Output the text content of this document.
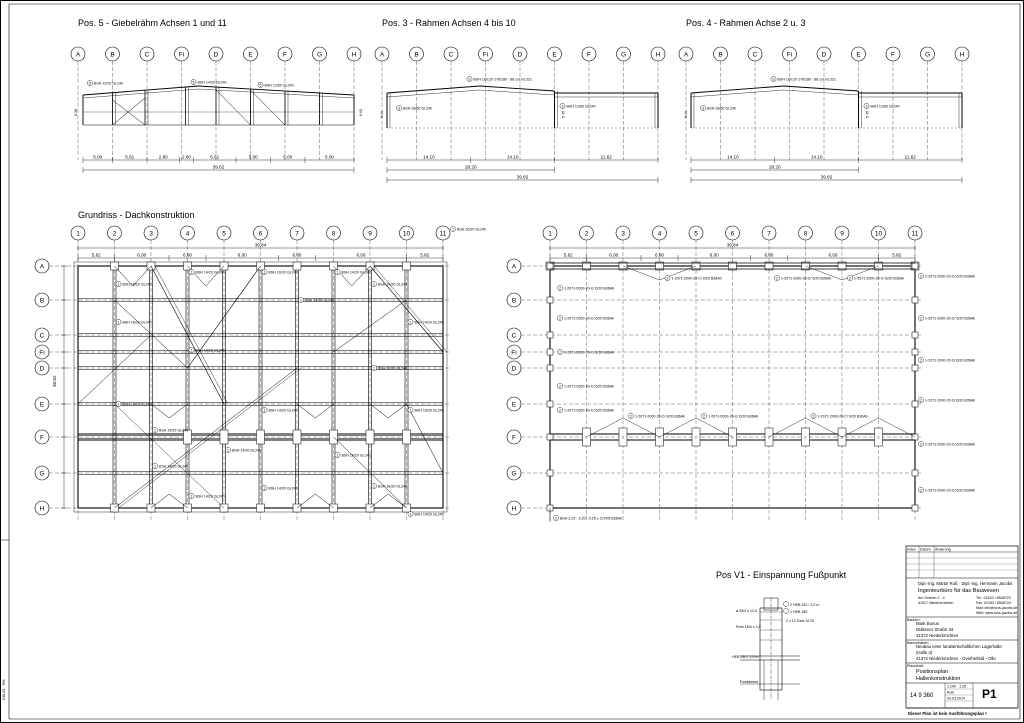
DIN A3 · 594
Pos. 5 - Giebelrähm Achsen 1 und 11	Pos. 3 - Rahmen Achsen 4 bis 10	Pos. 4 - Rahmen Achse 2 u. 3
Grundriss - Dachkonstruktion
Pos V1 - Einspannung Fußpunkt
A	B	C	Fi	D	E	F	G	H
5 BSH 12/20 GL24h	5 BSH 14/20 GL24h
5 BSH 12/60 GL24h
6.38	6.63
5.00	5.61	2.80	2.80	5.61	5.00	5.00	5.00
39.62
A	B	C	Fi	D	E	F	G	H
3 BSH 16/120-176/180 - 88 cm GL32c
3 BSH 16/60 GL24h	3 BSH 12/60 GL24h
6.41	5.45
14.10	14.10	11.62
28.20
39.82
A	B	C	Fi	D	E	F	G	H
3 BSH 16/120-176/180 - 88 cm GL32c
3 BSH 16/60 GL24h	3 BSH 12/60 GL24h
6.41	5.45
14.10	14.10	11.62
28.20
39.82
1	2	3	4	5	6	7	8	9	10	11
A
B
C
Fi
D
E
F
G
H
39.84
5.82	6.00	6.00	6.00	6.00	6.00	5.82
39.82
1 BSH 16/20 GL24h
1 BSH 14/20 GL24h	1 BSH 14/20 GL24h
1 BSH 16/20 GL24h	1 BSH 14/20 GL24h
1 BSH 14/20 GL24h
1 BSH 16/20 GL24h	1 BSH 14/20 GL24h
1 BSH 14/20 GL24h
1 BSH 16/20 GL24h
1 BSH 14/20 GL24h
1 BSH 14/20 GL24h	1 BSH 16/20 GL24h
1 BSH 14/20 GL24h
1 BSH 14/20 GL24h
1 BSH 16/20 GL24h
1 BSH 14/20 GL24h
1 BSH 14/20 GL24h	1 BSH 16/20 GL24h
1 BSH 14/20 GL24h
1 BSH 14/20 GL24h
1 BSH 16/20 GL24h
1	2	3	4	5	6	7	8	9	10	11
A
B
C
Fi
D
E
F
G
H
39.84
5.82	6.00	6.00	6.00	6.00	6.00	5.82
▯	▯	▯	▯	▯	▯	▯	▯	▯
2 1-2071-2000-20-C/ 6/20 B36Ab
2 1-2071-2000-20-C/ 6/20 B36Ab	2 1-2071-2000-20-C/ 6/20 B36Ab	2 1-2071-2000-20-C/ 6/20 B36Ab	2 1-2071-2000-20-C/ 6/20 B36Ab
2 1-2071-2000-20-C/ 6/20 B36Ab	2 1-2071-2000-20-C/ 6/20 B36Ab
2 1-2071-2000-20-C/ 6/20 B36Ab
2 1-2071-2000-20-C/ 6/20 B36Ab
2 1-2071-2000-20-C/ 6/20 B36Ab
2 1-2071-2000-20-C/ 6/20 B36Ab
2 1-2071-2000-20-C/ 6/20 B36Ab
2 1-2071-2000-20-C/ 6/20 B36Ab	2 1-2071-2000-20-C/ 6/20 B36Ab	2 1-2071-2000-20-C/ 6/20 B36Ab
2 1-2071-2000-20-C/ 6/20 B36Ab
2 1-2071-2000-20-C/ 6/20 B36Ab
2 BSH 2,20 - 2,20 - 0,25 ± C/24/8 B36Ab
2 HEB 240 / 3,0 m
1 HEB 180
2 x 12 Gew. M 20
ø 35/4 x 12,5
HEB 240 / 1,5 m
Rohr 18/4 x 2,0
Fundament
Index Datum Änderung
Dipl.-Ing. Martin Ruß · Dipl.-Ing. Hermann Jacobs
Ingenieurbüro für das Bauwesen
Am Graben 2 - 4
41517 Niederkrüchten
Tel.: 02163 / 8548723
Fax: 02163 / 8548724
Mail: info@russ-jacobs.de
Web: www.russ-jacobs.de
Bauherr:
Mark Bonus
Dülkener Straße 34
41372 Niederkrüchten
Bauvorhaben:
Neubau einer landwirtschaftlichen Lagerhalle
(Halle 3)
41372 Niederkrüchten - Overhetfeld - Olle
Planinhalt:
Positionsplan
Hallenkonstruktion
14 9 360
1:100 · 1:25
Ruß
03.03.2014 P1
Dieser Plan ist kein Ausführungsplan !
